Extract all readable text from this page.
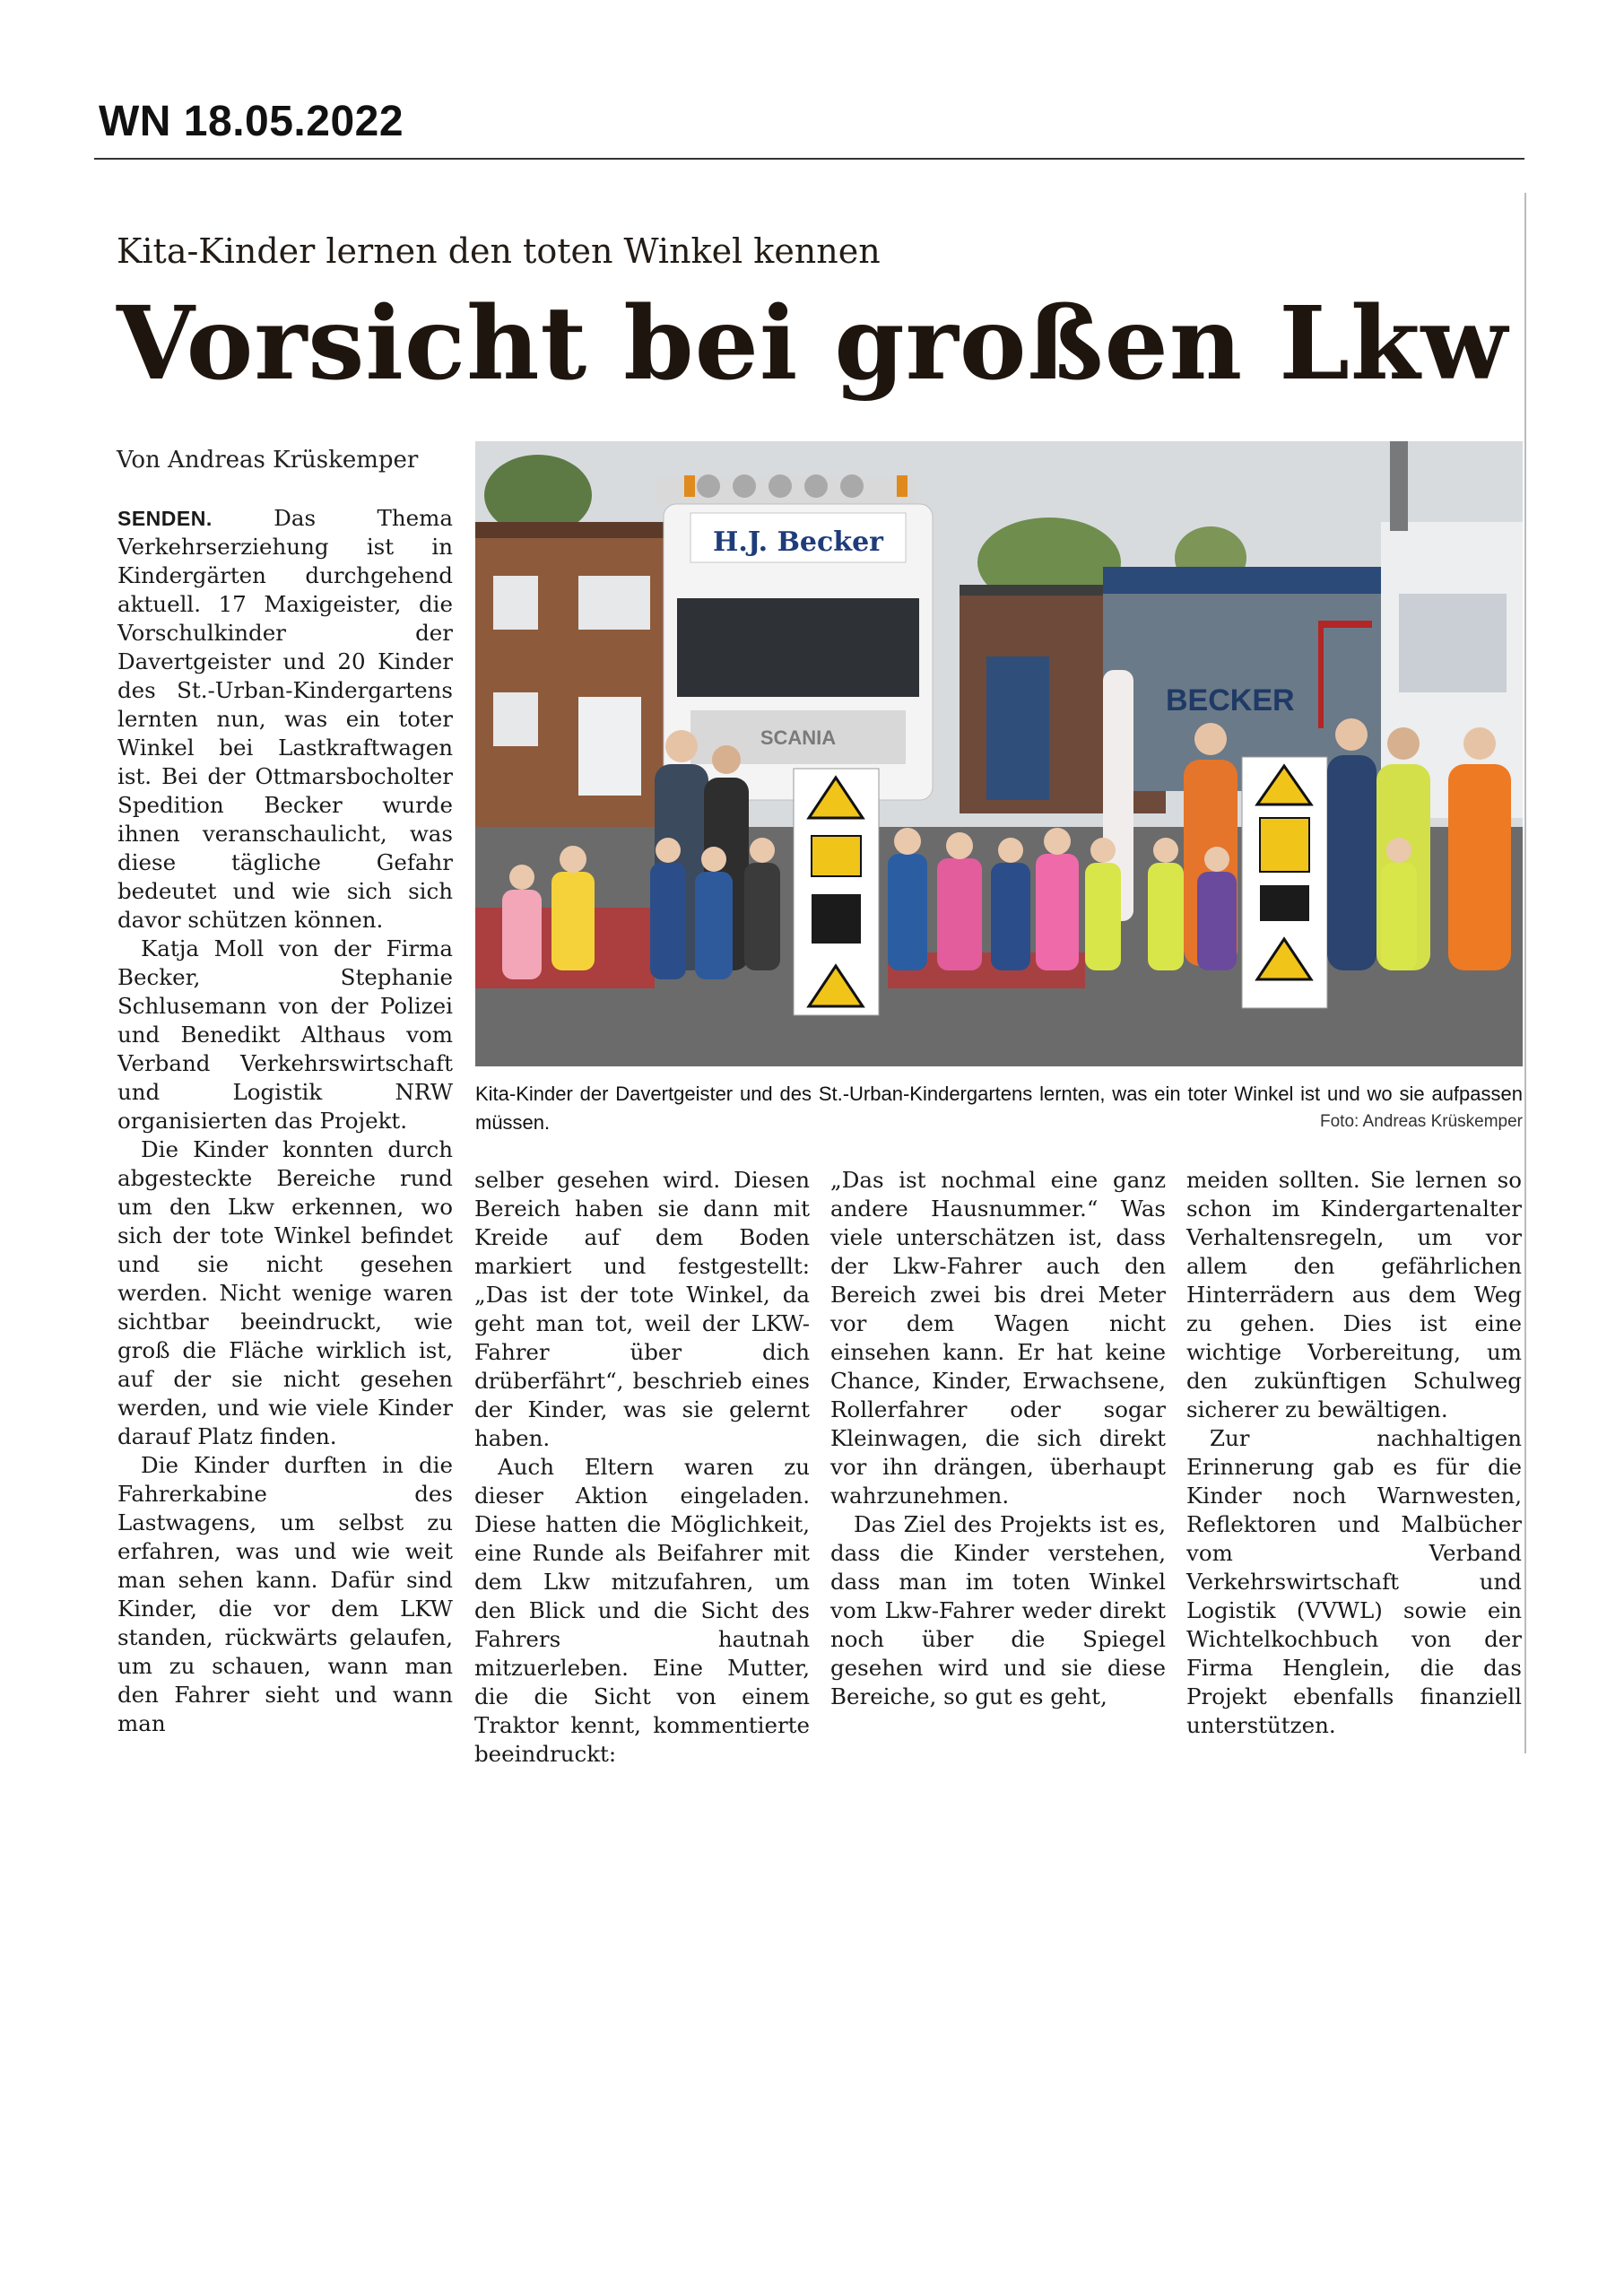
WN 18.05.2022
Kita-Kinder lernen den toten Winkel kennen
Vorsicht bei großen Lkw
Von Andreas Krüskemper
BECKER
H.J. Becker
SCANIA
Kita-Kinder der Davertgeister und des St.-Urban-Kindergartens lernten, was ein toter Winkel ist und wo sie aufpassen müssen.	Foto: Andreas Krüskemper

SENDEN.	Das Thema Verkehrserziehung ist in Kindergärten durchgehend aktuell. 17 Maxigeister, die Vorschulkinder der Davertgeister und 20 Kinder des St.-Urban-Kindergartens lernten nun, was ein toter Winkel bei Lastkraftwagen ist. Bei der Ottmarsbocholter Spedition Becker wurde ihnen veranschaulicht, was diese tägliche Gefahr bedeutet und wie sich sich davor schützen können.

Katja Moll von der Firma Becker, Stephanie Schlusemann von der Polizei und Benedikt Althaus vom Verband Verkehrswirtschaft und Logistik NRW organisierten das Projekt.

Die Kinder konnten durch abgesteckte Bereiche rund um den Lkw erkennen, wo sich der tote Winkel befindet und sie nicht gesehen werden. Nicht wenige waren sichtbar beeindruckt, wie groß die Fläche wirklich ist, auf der sie nicht gesehen werden, und wie viele Kinder darauf Platz finden.

Die Kinder durften in die Fahrerkabine des Lastwagens, um selbst zu erfahren, was und wie weit man sehen kann. Dafür sind Kinder, die vor dem LKW standen, rückwärts gelaufen, um zu schauen, wann man den Fahrer sieht und wann man

selber gesehen wird. Diesen Bereich haben sie dann mit Kreide auf dem Boden markiert und festgestellt: „Das ist der tote Winkel, da geht man tot, weil der LKW-Fahrer über dich drüberfährt“, beschrieb eines der Kinder, was sie gelernt haben.

Auch Eltern waren zu dieser Aktion eingeladen. Diese hatten die Möglichkeit, eine Runde als Beifahrer mit dem Lkw mitzufahren, um den Blick und die Sicht des Fahrers hautnah mitzuerleben. Eine Mutter, die die Sicht von einem Traktor kennt, kommentierte beeindruckt:

„Das ist nochmal eine ganz andere Hausnummer.“ Was viele unterschätzen ist, dass der Lkw-Fahrer auch den Bereich zwei bis drei Meter vor dem Wagen nicht einsehen kann. Er hat keine Chance, Kinder, Erwachsene, Rollerfahrer oder sogar Kleinwagen, die sich direkt vor ihn drängen, überhaupt wahrzunehmen.

Das Ziel des Projekts ist es, dass die Kinder verstehen, dass man im toten Winkel vom Lkw-Fahrer weder direkt noch über die Spiegel gesehen wird und sie diese Bereiche, so gut es geht,

meiden sollten. Sie lernen so schon im Kindergartenalter Verhaltensregeln, um vor allem den gefährlichen Hinterrädern aus dem Weg zu gehen. Dies ist eine wichtige Vorbereitung, um den zukünftigen Schulweg sicherer zu bewältigen.

Zur nachhaltigen Erinnerung gab es für die Kinder noch Warnwesten, Reflektoren und Malbücher vom Verband Verkehrswirtschaft und Logistik (VVWL) sowie ein Wichtelkochbuch von der Firma Henglein, die das Projekt ebenfalls finanziell unterstützen.
